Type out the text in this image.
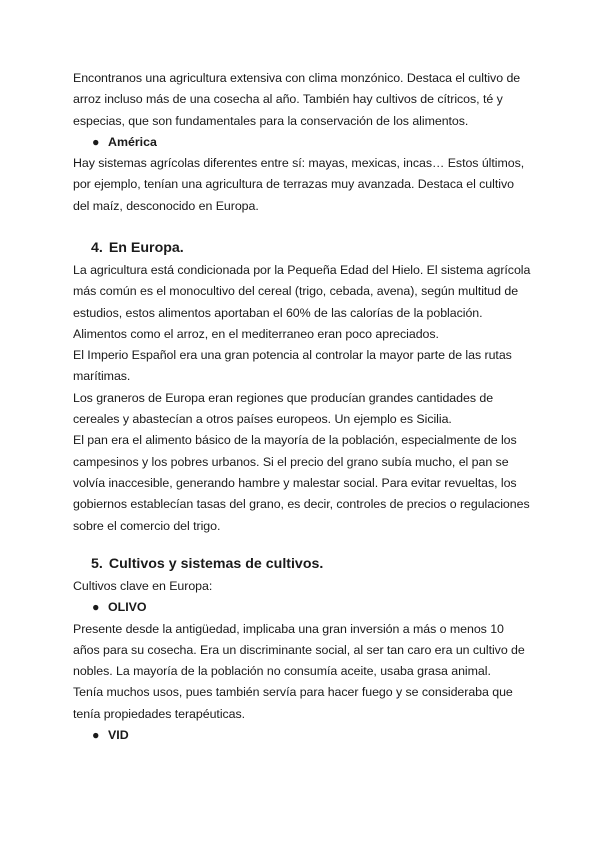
Encontranos una agricultura extensiva con clima monzónico. Destaca el cultivo de arroz incluso más de una cosecha al año. También hay cultivos de cítricos, té y especias, que son fundamentales para la conservación de los alimentos.

● América

Hay sistemas agrícolas diferentes entre sí: mayas, mexicas, incas… Estos últimos, por ejemplo, tenían una agricultura de terrazas muy avanzada. Destaca el cultivo del maíz, desconocido en Europa.

4. En Europa.

La agricultura está condicionada por la Pequeña Edad del Hielo. El sistema agrícola más común es el monocultivo del cereal (trigo, cebada, avena), según multitud de estudios, estos alimentos aportaban el 60% de las calorías de la población.

Alimentos como el arroz, en el mediterraneo eran poco apreciados.

El Imperio Español era una gran potencia al controlar la mayor parte de las rutas marítimas.

Los graneros de Europa eran regiones que producían grandes cantidades de cereales y abastecían a otros países europeos. Un ejemplo es Sicilia.

El pan era el alimento básico de la mayoría de la población, especialmente de los campesinos y los pobres urbanos. Si el precio del grano subía mucho, el pan se volvía inaccesible, generando hambre y malestar social. Para evitar revueltas, los gobiernos establecían tasas del grano, es decir, controles de precios o regulaciones sobre el comercio del trigo.

5. Cultivos y sistemas de cultivos.

Cultivos clave en Europa:

● OLIVO

Presente desde la antigüedad, implicaba una gran inversión a más o menos 10 años para su cosecha. Era un discriminante social, al ser tan caro era un cultivo de nobles. La mayoría de la población no consumía aceite, usaba grasa animal.

Tenía muchos usos, pues también servía para hacer fuego y se consideraba que tenía propiedades terapéuticas.

● VID
